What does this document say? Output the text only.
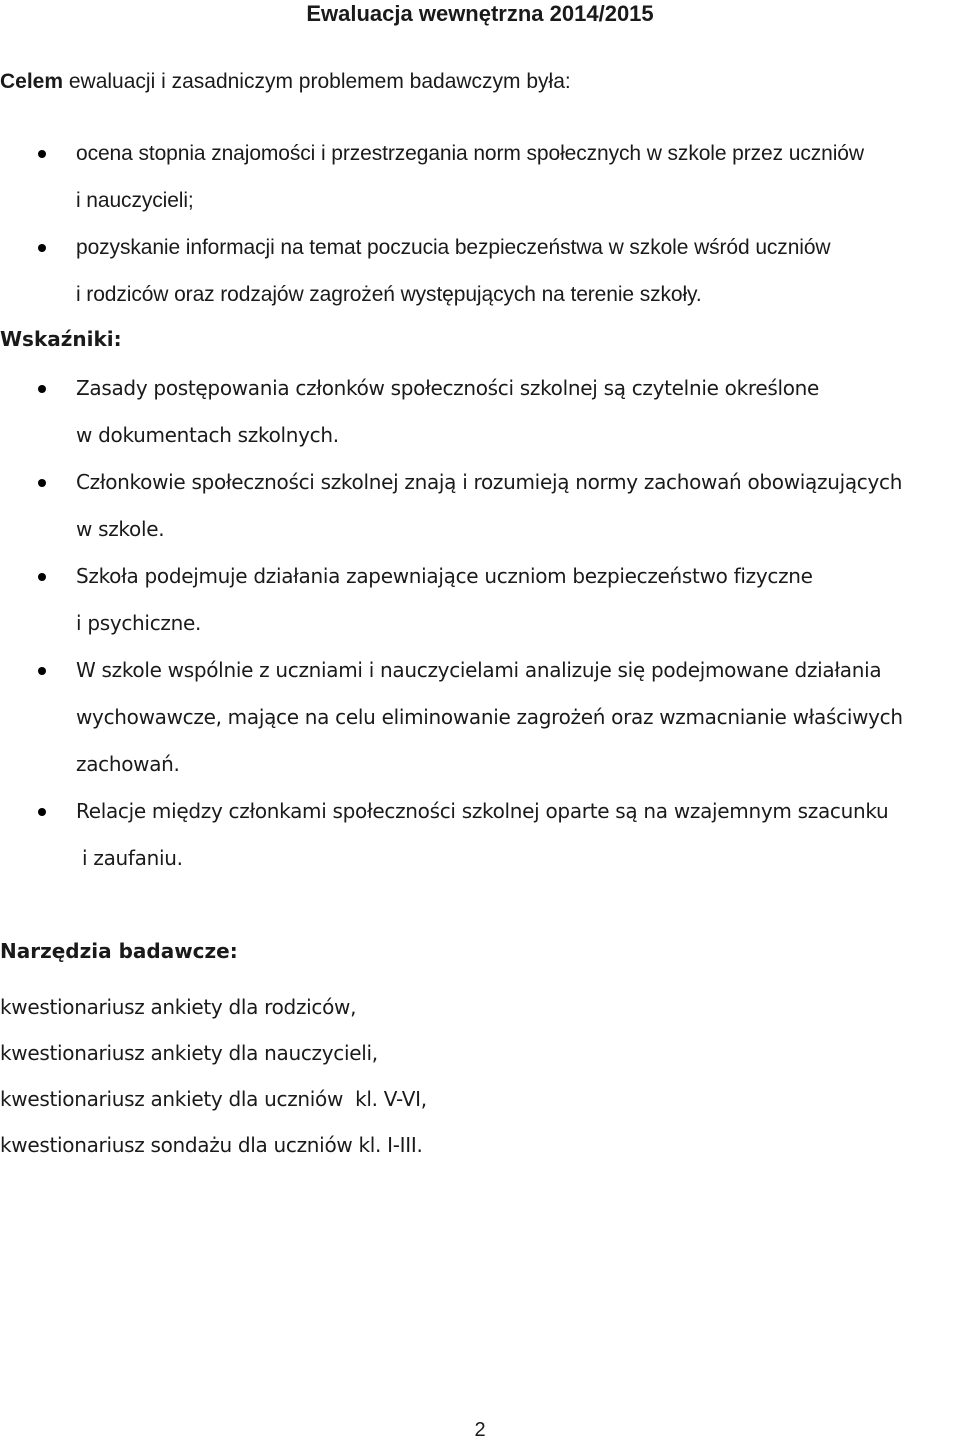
Ewaluacja wewnętrzna 2014/2015
Celem ewaluacji i zasadniczym problemem badawczym była:
ocena stopnia znajomości i przestrzegania norm społecznych w szkole przez uczniów
i nauczycieli;
pozyskanie informacji na temat poczucia bezpieczeństwa w szkole wśród uczniów
i rodziców oraz rodzajów zagrożeń występujących na terenie szkoły.
Wskaźniki:
Zasady postępowania członków społeczności szkolnej są czytelnie określone
w dokumentach szkolnych.
Członkowie społeczności szkolnej znają i rozumieją normy zachowań obowiązujących
w szkole.
Szkoła podejmuje działania zapewniające uczniom bezpieczeństwo fizyczne
i psychiczne.
W szkole wspólnie z uczniami i nauczycielami analizuje się podejmowane działania
wychowawcze, mające na celu eliminowanie zagrożeń oraz wzmacnianie właściwych
zachowań.
Relacje między członkami społeczności szkolnej oparte są na wzajemnym szacunku
i zaufaniu.
Narzędzia badawcze:
kwestionariusz ankiety dla rodziców,
kwestionariusz ankiety dla nauczycieli,
kwestionariusz ankiety dla uczniów  kl. V-VI,
kwestionariusz sondażu dla uczniów kl. I-III.
2
